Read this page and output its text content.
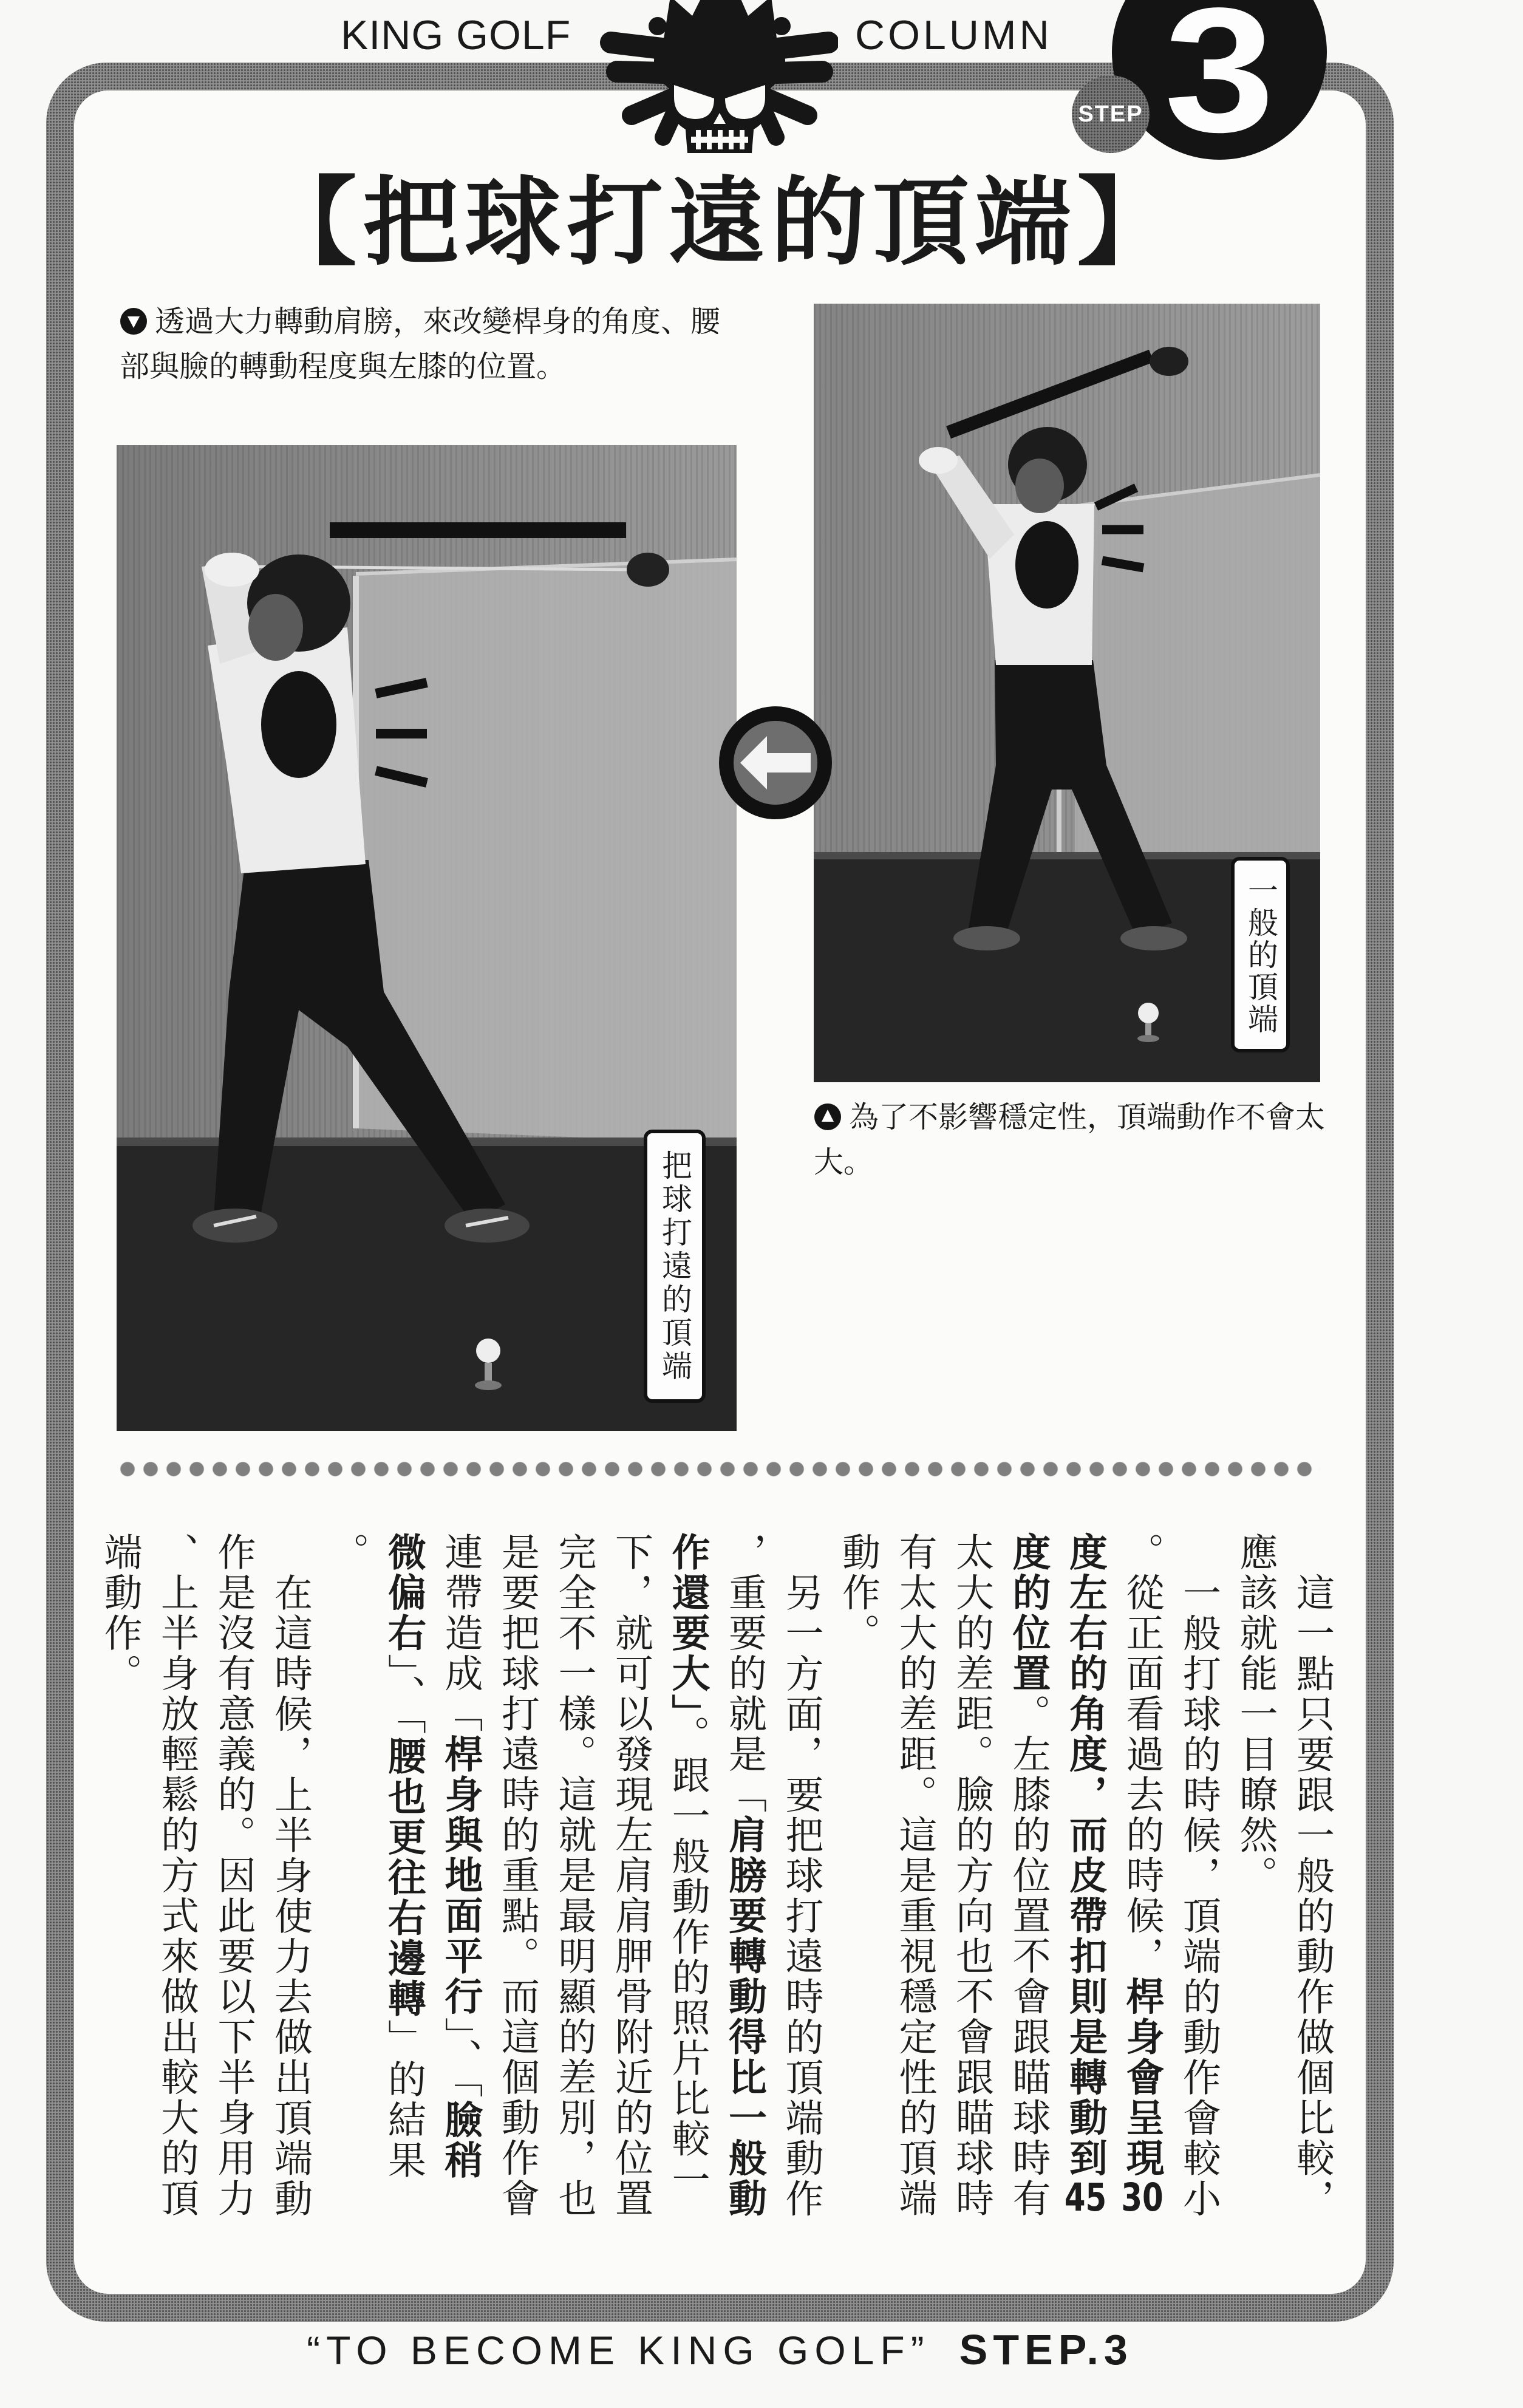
KING GOLF	COLUMN 3
STEP
【把球打遠的頂端】
透過大力轉動肩膀，來改變桿身的角度、腰
部與臉的轉動程度與左膝的位置。
一般的頂端
把球打遠的頂端
為了不影響穩定性，頂端動作不會太
大。
這一點只要跟一般的動作做個比較，
應該就能一目瞭然。
一般打球的時候，頂端的動作會較小
。從正面看過去的時候，桿身會呈現30
度左右的角度，而皮帶扣則是轉動到45
度的位置。左膝的位置不會跟瞄球時有
太大的差距。臉的方向也不會跟瞄球時
有太大的差距。這是重視穩定性的頂端
動作。
另一方面，要把球打遠時的頂端動作
，重要的就是「肩膀要轉動得比一般動
作還要大」。跟一般動作的照片比較一
下，就可以發現左肩肩胛骨附近的位置
完全不一樣。這就是最明顯的差別，也
是要把球打遠時的重點。而這個動作會
連帶造成「桿身與地面平行」、「臉稍
微偏右」、「腰也更往右邊轉」的結果
。
在這時候，上半身使力去做出頂端動
作是沒有意義的。因此要以下半身用力
、上半身放輕鬆的方式來做出較大的頂
端動作。
“TO BECOME KING GOLF” STEP.3
